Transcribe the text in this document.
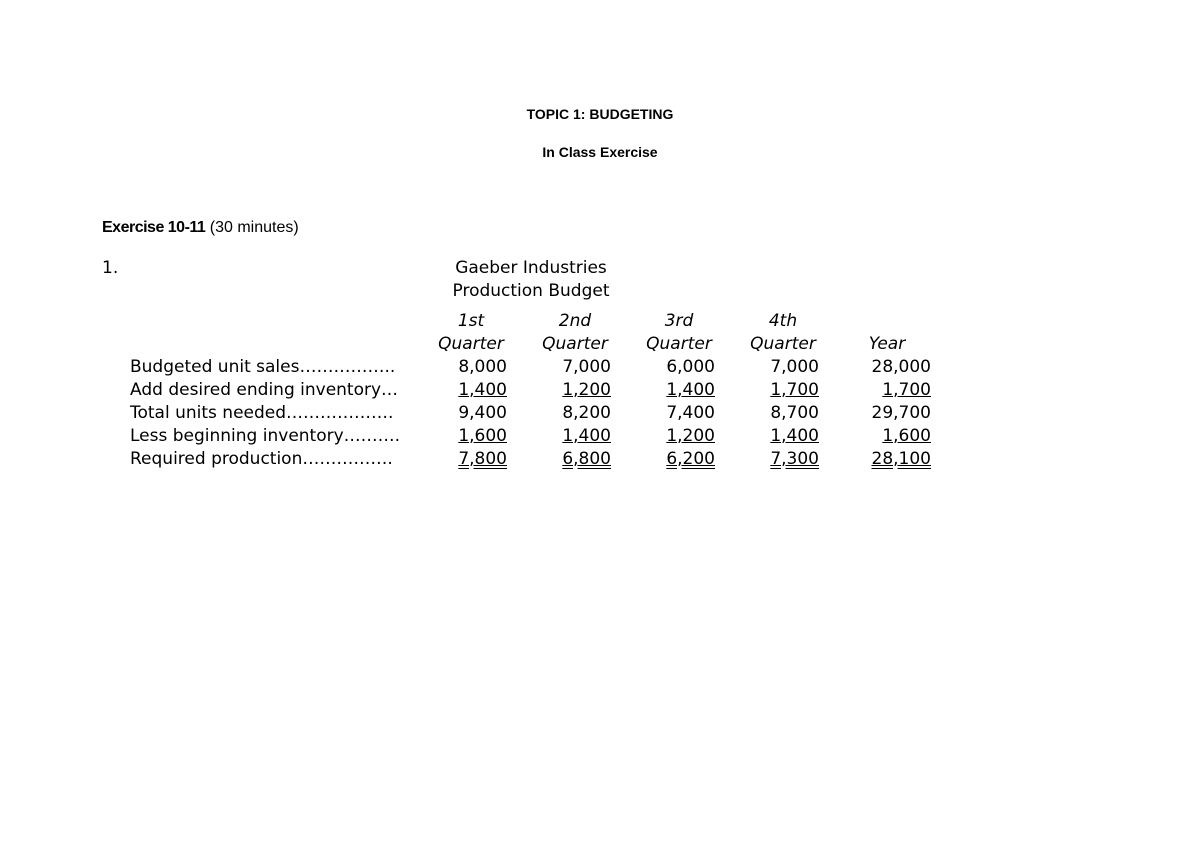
TOPIC 1: BUDGETING
In Class Exercise
Exercise 10-11 (30 minutes)
1.	Gaeber Industries
Production Budget
	1st	2nd	3rd	4th	
	Quarter	Quarter	Quarter	Quarter	Year
Budgeted unit sales……………..	8,000	7,000	6,000	7,000	28,000
Add desired ending inventory…	1,400	1,200	1,400	1,700	1,700
Total units needed……………….	9,400	8,200	7,400	8,700	29,700
Less beginning inventory……….	1,600	1,400	1,200	1,400	1,600
Required production…………….	7,800	6,800	6,200	7,300	28,100
